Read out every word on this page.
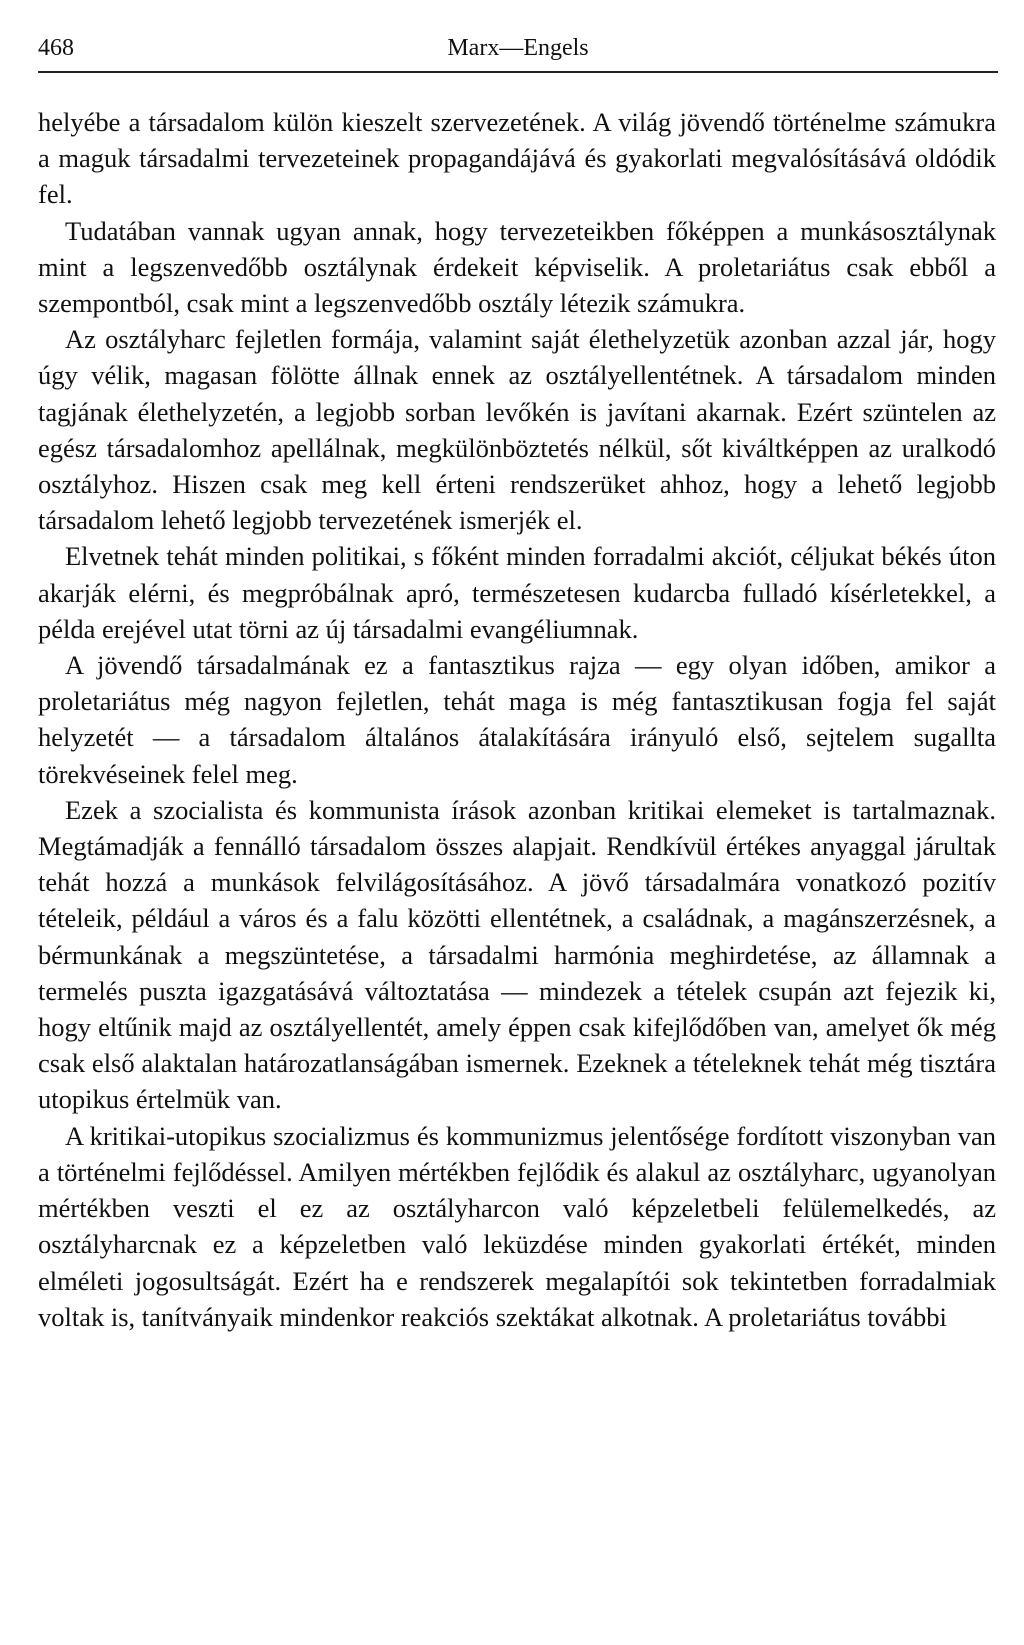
468	Marx—Engels

helyébe a társadalom külön kieszelt szervezetének. A világ jövendő történelme számukra a maguk társadalmi tervezeteinek propagandájává és gyakorlati megvalósításává oldódik fel.

Tudatában vannak ugyan annak, hogy tervezeteikben főképpen a munkásosztálynak mint a legszenvedőbb osztálynak érdekeit képviselik. A proletariátus csak ebből a szempontból, csak mint a legszenvedőbb osztály létezik számukra.

Az osztályharc fejletlen formája, valamint saját élethelyzetük azonban azzal jár, hogy úgy vélik, magasan fölötte állnak ennek az osztályellentétnek. A társadalom minden tagjának élethelyzetén, a legjobb sorban levőkén is javítani akarnak. Ezért szüntelen az egész társadalomhoz apellálnak, megkülönböztetés nélkül, sőt kiváltképpen az uralkodó osztályhoz. Hiszen csak meg kell érteni rendszerüket ahhoz, hogy a lehető legjobb társadalom lehető legjobb tervezetének ismerjék el.

Elvetnek tehát minden politikai, s főként minden forradalmi akciót, céljukat békés úton akarják elérni, és megpróbálnak apró, természetesen kudarcba fulladó kísérletekkel, a példa erejével utat törni az új társadalmi evangéliumnak.

A jövendő társadalmának ez a fantasztikus rajza — egy olyan időben, amikor a proletariátus még nagyon fejletlen, tehát maga is még fantasztikusan fogja fel saját helyzetét — a társadalom általános átalakítására irányuló első, sejtelem sugallta törekvéseinek felel meg.

Ezek a szocialista és kommunista írások azonban kritikai elemeket is tartalmaznak. Megtámadják a fennálló társadalom összes alapjait. Rendkívül értékes anyaggal járultak tehát hozzá a munkások felvilágosításához. A jövő társadalmára vonatkozó pozitív tételeik, például a város és a falu közötti ellentétnek, a családnak, a magánszerzésnek, a bérmunkának a megszüntetése, a társadalmi harmónia meghirdetése, az államnak a termelés puszta igazgatásává változtatása — mindezek a tételek csupán azt fejezik ki, hogy eltűnik majd az osztályellentét, amely éppen csak kifejlődőben van, amelyet ők még csak első alaktalan határozatlanságában ismernek. Ezeknek a tételeknek tehát még tisztára utopikus értelmük van.

A kritikai-utopikus szocializmus és kommunizmus jelentősége fordított viszonyban van a történelmi fejlődéssel. Amilyen mértékben fejlődik és alakul az osztályharc, ugyanolyan mértékben veszti el ez az osztályharcon való képzeletbeli felülemelkedés, az osztályharcnak ez a képzeletben való leküzdése minden gyakorlati értékét, minden elméleti jogosultságát. Ezért ha e rendszerek megalapítói sok tekintetben forradalmiak voltak is, tanítványaik mindenkor reakciós szektákat alkotnak. A proletariátus további
